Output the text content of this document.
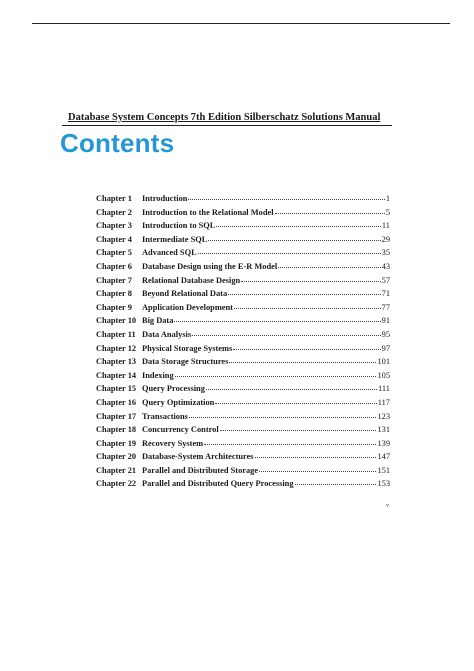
Database System Concepts 7th Edition Silberschatz Solutions Manual
Contents
Chapter 1	Introduction	1
Chapter 2	Introduction to the Relational Model	5
Chapter 3	Introduction to SQL	11
Chapter 4	Intermediate SQL	29
Chapter 5	Advanced SQL	35
Chapter 6	Database Design using the E-R Model	43
Chapter 7	Relational Database Design	57
Chapter 8	Beyond Relational Data	71
Chapter 9	Application Development	77
Chapter 10 Big Data	91
Chapter 11 Data Analysis	95
Chapter 12 Physical Storage Systems	97
Chapter 13 Data Storage Structures	101
Chapter 14 Indexing	105
Chapter 15 Query Processing	111
Chapter 16 Query Optimization	117
Chapter 17 Transactions	123
Chapter 18 Concurrency Control	131
Chapter 19 Recovery System	139
Chapter 20 Database-System Architectures	147
Chapter 21 Parallel and Distributed Storage	151
Chapter 22 Parallel and Distributed Query Processing	153
v
